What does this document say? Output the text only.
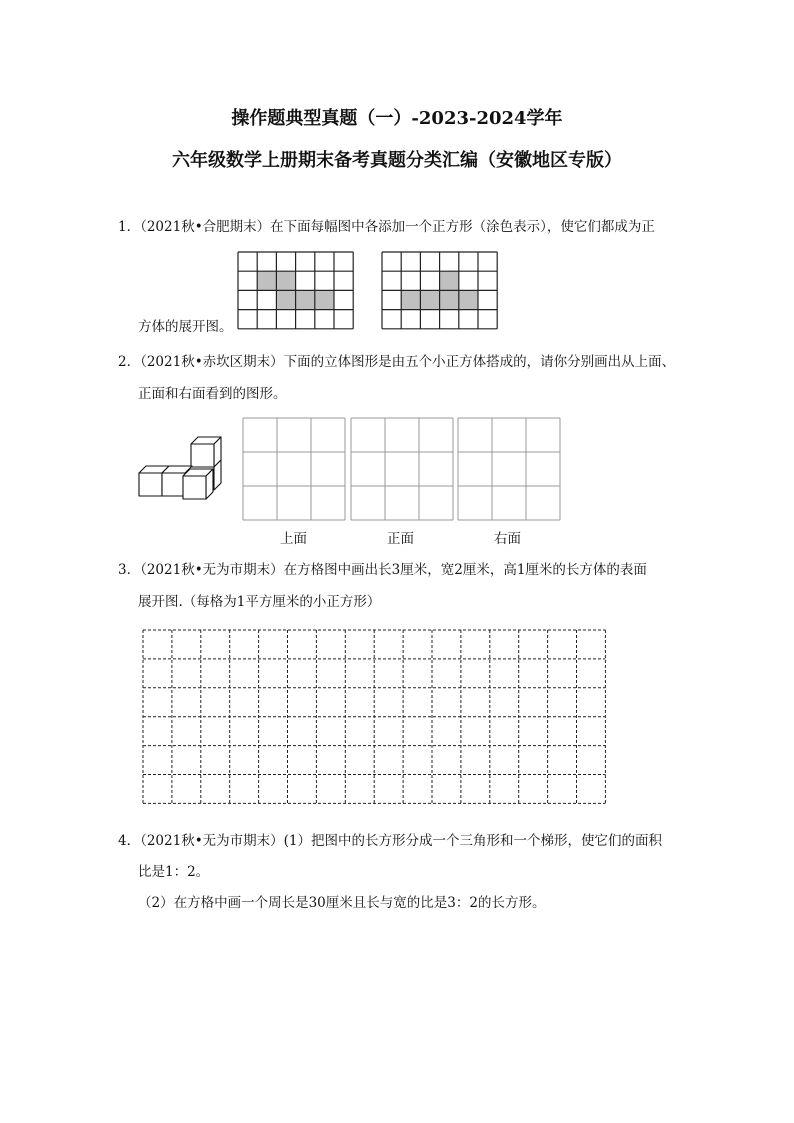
操作题典型真题（一）-2023-2024学年
六年级数学上册期末备考真题分类汇编（安徽地区专版）
1．（2021秋•合肥期末）在下面每幅图中各添加一个正方形（涂色表示），使它们都成为正
方体的展开图。
2．（2021秋•赤坎区期末）下面的立体图形是由五个小正方体搭成的，请你分别画出从上面、
正面和右面看到的图形。
上面	正面	右面
3．（2021秋•无为市期末）在方格图中画出长3厘米，宽2厘米，高1厘米的长方体的表面
展开图.（每格为1平方厘米的小正方形）
4．（2021秋•无为市期末）(1）把图中的长方形分成一个三角形和一个梯形，使它们的面积
比是1：2。
（2）在方格中画一个周长是30厘米且长与宽的比是3：2的长方形。
